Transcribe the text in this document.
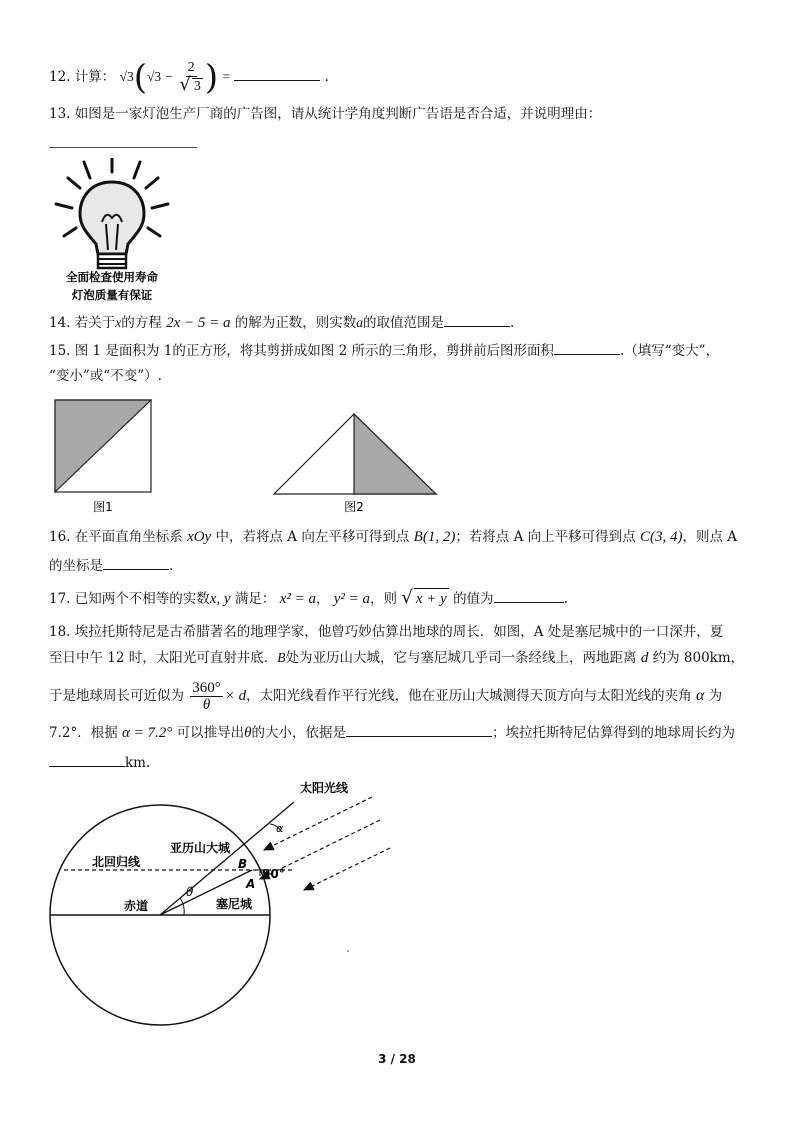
12. 计算： $√3(√3 - \frac{2}{√ 3}$ ) =	.
13. 如图是一家灯泡生产厂商的广告图，请从统计学角度判断广告语是否合适，并说明理由：
全面检查使用寿命
灯泡质量有保证
14. 若关于x的方程 2x − 5 = a 的解为正数，则实数a的取值范围是	.
15. 图 1 是面积为 1的正方形，将其剪拼成如图 2 所示的三角形，剪拼前后图形面积	.（填写“变大”，
“变小”或“不变”）.
图1	图2
16. 在平面直角坐标系 xOy 中，若将点 A 向左平移可得到点 B(1, 2)；若将点 A 向上平移可得到点 C(3, 4)，则点 A
的坐标是	.
17. 已知两个不相等的实数x, y 满足： x² = a， y² = a，则 √ x + y 的值为	.
18. 埃拉托斯特尼是古希腊著名的地理学家，他曾巧妙估算出地球的周长．如图，A 处是塞尼城中的一口深井，夏
至日中午 12 时，太阳光可直射井底．B处为亚历山大城，它与塞尼城几乎司一条经线上，两地距离 d 约为 800km，
于是地球周长可近似为 $\frac{360^\circ}{\theta} \times d$，太阳光线看作平行光线，他在亚历山大城测得天顶方向与太阳光线的夹角 α 为
7.2°．根据 α = 7.2° 可以推导出θ的大小，依据是	；埃拉托斯特尼估算得到的地球周长约为
km.
太阳光线
亚历山大城
北回归线
赤道	塞尼城
90°
B
A
θ
α
3 / 28
